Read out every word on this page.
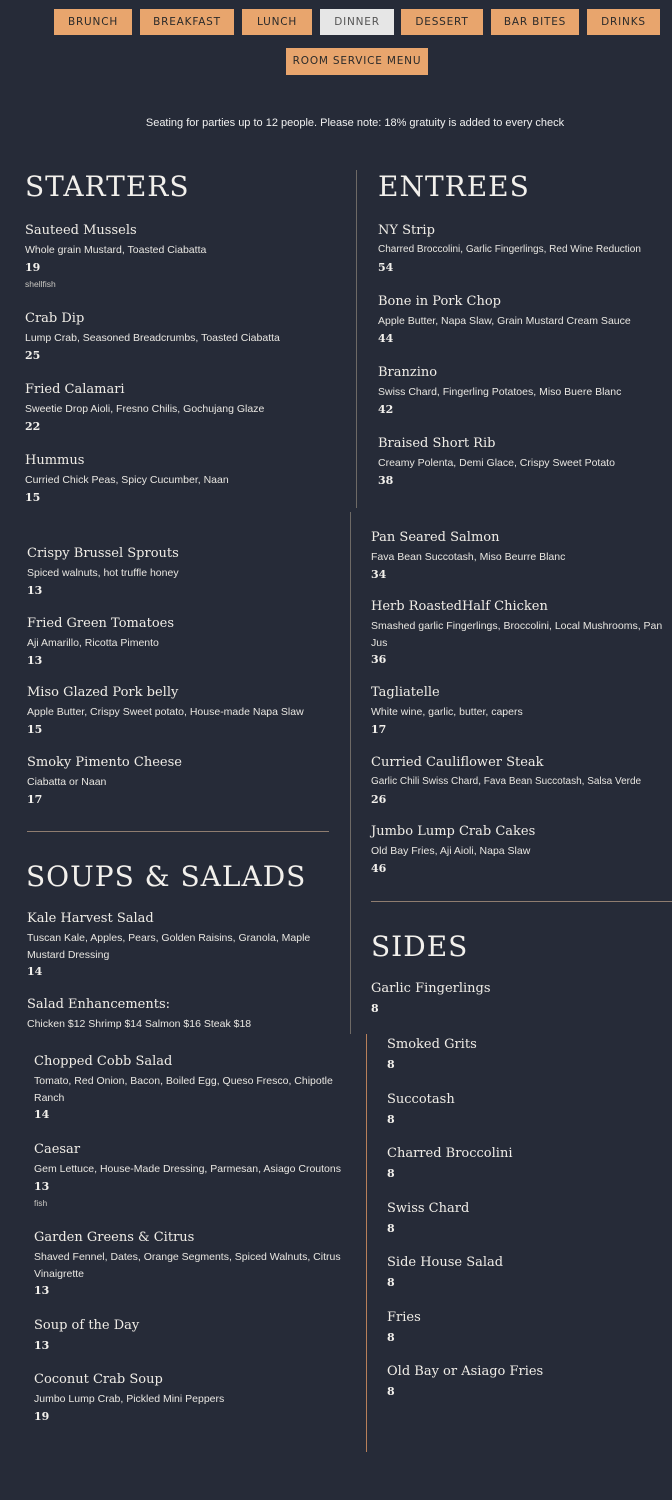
BRUNCH	BREAKFAST	LUNCH	DINNER	DESSERT	BAR BITES	DRINKS
ROOM SERVICE MENU
Seating for parties up to 12 people. Please note: 18% gratuity is added to every check
STARTERS	ENTREES
SOUPS & SALADS
SIDES
Sauteed Mussels
Whole grain Mustard, Toasted Ciabatta
19
shellfish
Crab Dip
Lump Crab, Seasoned Breadcrumbs, Toasted Ciabatta
25
Fried Calamari
Sweetie Drop Aioli, Fresno Chilis, Gochujang Glaze
22
Hummus
Curried Chick Peas, Spicy Cucumber, Naan
15
Crispy Brussel Sprouts
Spiced walnuts, hot truffle honey
13
Fried Green Tomatoes
Aji Amarillo, Ricotta Pimento
13
Miso Glazed Pork belly
Apple Butter, Crispy Sweet potato, House-made Napa Slaw
15
Smoky Pimento Cheese
Ciabatta or Naan
17
NY Strip
Charred Broccolini, Garlic Fingerlings, Red Wine Reduction
54
Bone in Pork Chop
Apple Butter, Napa Slaw, Grain Mustard Cream Sauce
44
Branzino
Swiss Chard, Fingerling Potatoes, Miso Buere Blanc
42
Braised Short Rib
Creamy Polenta, Demi Glace, Crispy Sweet Potato
38
Pan Seared Salmon
Fava Bean Succotash, Miso Beurre Blanc
34
Herb RoastedHalf Chicken
Smashed garlic Fingerlings, Broccolini, Local Mushrooms, Pan Jus
36
Tagliatelle
White wine, garlic, butter, capers
17
Curried Cauliflower Steak
Garlic Chili Swiss Chard, Fava Bean Succotash, Salsa Verde
26
Jumbo Lump Crab Cakes
Old Bay Fries, Aji Aioli, Napa Slaw
46
Kale Harvest Salad
Tuscan Kale, Apples, Pears, Golden Raisins, Granola, Maple Mustard Dressing
14
Salad Enhancements:
Chicken $12 Shrimp $14 Salmon $16 Steak $18
Chopped Cobb Salad
Tomato, Red Onion, Bacon, Boiled Egg, Queso Fresco, Chipotle Ranch
14
Caesar
Gem Lettuce, House-Made Dressing, Parmesan, Asiago Croutons
13
fish
Garden Greens & Citrus
Shaved Fennel, Dates, Orange Segments, Spiced Walnuts, Citrus Vinaigrette
13
Soup of the Day
13
Coconut Crab Soup
Jumbo Lump Crab, Pickled Mini Peppers
19
Garlic Fingerlings
8
Smoked Grits
8
Succotash
8
Charred Broccolini
8
Swiss Chard
8
Side House Salad
8
Fries
8
Old Bay or Asiago Fries
8
